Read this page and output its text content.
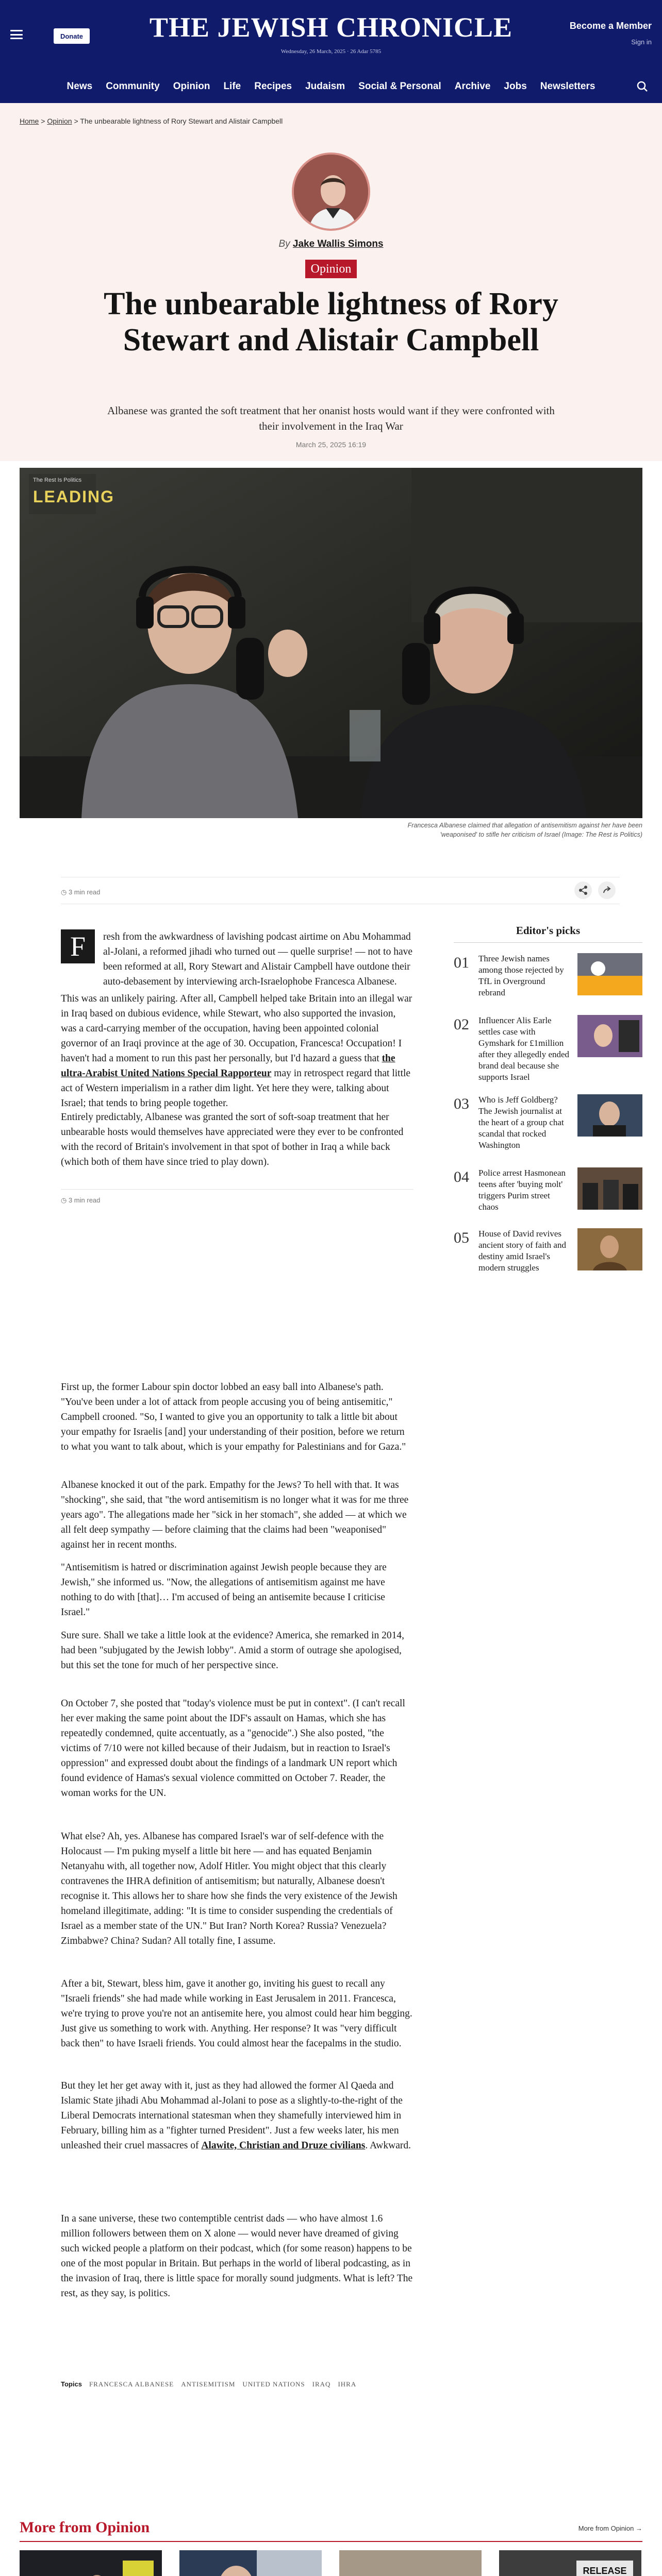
Donate	THE JEWISH CHRONICLE
Wednesday, 26 March, 2025 · 26 Adar 5785
Become a Member
Sign in
News Community Opinion Life Recipes Judaism Social & Personal Archive Jobs Newsletters
Home > Opinion > The unbearable lightness of Rory Stewart and Alistair Campbell
By Jake Wallis Simons
Opinion
The unbearable lightness of Rory Stewart and Alistair Campbell

Albanese was granted the soft treatment that her onanist hosts would want if they were confronted with their involvement in the Iraq War

March 25, 2025 16:19
The Rest Is Politics
LEADING

Francesca Albanese claimed that allegation of antisemitism against her have been 'weaponised' to stifle her criticism of Israel (Image: The Rest is Politics)

◷ 3 min read
F	resh from the awkwardness of lavishing podcast airtime on Abu Mohammad al-Jolani, a reformed jihadi who turned out — quelle surprise! — not to have been reformed at all, Rory Stewart and Alistair Campbell have outdone their auto-debasement by interviewing arch-Israelophobe Francesca Albanese.

This was an unlikely pairing. After all, Campbell helped take Britain into an illegal war in Iraq based on dubious evidence, while Stewart, who also supported the invasion, was a card-carrying member of the occupation, having been appointed colonial governor of an Iraqi province at the age of 30. Occupation, Francesca! Occupation! I haven't had a moment to run this past her personally, but I'd hazard a guess that the ultra-Arabist United Nations Special Rapporteur may in retrospect regard that little act of Western imperialism in a rather dim light. Yet here they were, talking about Israel; that tends to bring people together.

Entirely predictably, Albanese was granted the sort of soft-soap treatment that her unbearable hosts would themselves have appreciated were they ever to be confronted with the record of Britain's involvement in that spot of bother in Iraq a while back (which both of them have since tried to play down).

◷ 3 min read
Editor's picks
01 Three Jewish names among those rejected by TfL in Overground rebrand
02 Influencer Alis Earle settles case with Gymshark for £1million after they allegedly ended brand deal because she supports Israel
03 Who is Jeff Goldberg? The Jewish journalist at the heart of a group chat scandal that rocked Washington
04 Police arrest Hasmonean teens after 'buying molt' triggers Purim street chaos
05 House of David revives ancient story of faith and destiny amid Israel's modern struggles

First up, the former Labour spin doctor lobbed an easy ball into Albanese's path. "You've been under a lot of attack from people accusing you of being antisemitic," Campbell crooned. "So, I wanted to give you an opportunity to talk a little bit about your empathy for Israelis [and] your understanding of their position, before we return to what you want to talk about, which is your empathy for Palestinians and for Gaza."

Albanese knocked it out of the park. Empathy for the Jews? To hell with that. It was "shocking", she said, that "the word antisemitism is no longer what it was for me three years ago". The allegations made her "sick in her stomach", she added — at which we all felt deep sympathy — before claiming that the claims had been "weaponised" against her in recent months.

"Antisemitism is hatred or discrimination against Jewish people because they are Jewish," she informed us. "Now, the allegations of antisemitism against me have nothing to do with [that]… I'm accused of being an antisemite because I criticise Israel."

Sure sure. Shall we take a little look at the evidence? America, she remarked in 2014, had been "subjugated by the Jewish lobby". Amid a storm of outrage she apologised, but this set the tone for much of her perspective since.

On October 7, she posted that "today's violence must be put in context". (I can't recall her ever making the same point about the IDF's assault on Hamas, which she has repeatedly condemned, quite accentuatly, as a "genocide".) She also posted, "the victims of 7/10 were not killed because of their Judaism, but in reaction to Israel's oppression" and expressed doubt about the findings of a landmark UN report which found evidence of Hamas's sexual violence committed on October 7. Reader, the woman works for the UN.

What else? Ah, yes. Albanese has compared Israel's war of self-defence with the Holocaust — I'm puking myself a little bit here — and has equated Benjamin Netanyahu with, all together now, Adolf Hitler. You might object that this clearly contravenes the IHRA definition of antisemitism; but naturally, Albanese doesn't recognise it. This allows her to share how she finds the very existence of the Jewish homeland illegitimate, adding: "It is time to consider suspending the credentials of Israel as a member state of the UN." But Iran? North Korea? Russia? Venezuela? Zimbabwe? China? Sudan? All totally fine, I assume.

After a bit, Stewart, bless him, gave it another go, inviting his guest to recall any "Israeli friends" she had made while working in East Jerusalem in 2011. Francesca, we're trying to prove you're not an antisemite here, you almost could hear him begging. Just give us something to work with. Anything. Her response? It was "very difficult back then" to have Israeli friends. You could almost hear the facepalms in the studio.

But they let her get away with it, just as they had allowed the former Al Qaeda and Islamic State jihadi Abu Mohammad al-Jolani to pose as a slightly-to-the-right of the Liberal Democrats international statesman when they shamefully interviewed him in February, billing him as a "fighter turned President". Just a few weeks later, his men unleashed their cruel massacres of Alawite, Christian and Druze civilians. Awkward.

In a sane universe, these two contemptible centrist dads — who have almost 1.6 million followers between them on X alone — would never have dreamed of giving such wicked people a platform on their podcast, which (for some reason) happens to be one of the most popular in Britain. But perhaps in the world of liberal podcasting, as in the invasion of Iraq, there is little space for morally sound judgments. What is left? The rest, as they say, is politics.

Topics FRANCESCA ALBANESE ANTISEMITISM UNITED NATIONS IRAQ IHRA
More from Opinion	More from Opinion →
RELEASE
